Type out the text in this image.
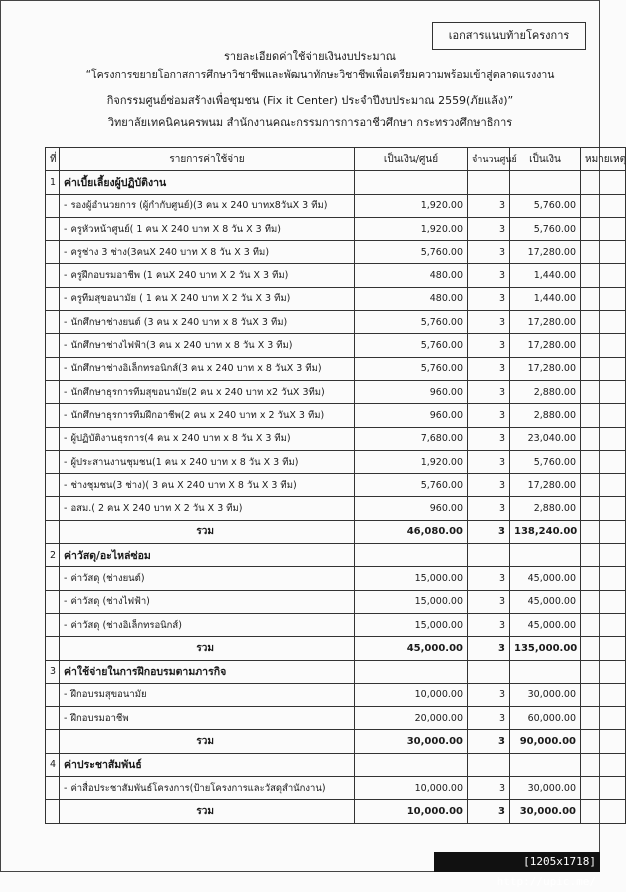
เอกสารแนบท้ายโครงการ
รายละเอียดค่าใช้จ่ายเงินงบประมาณ
“โครงการขยายโอกาสการศึกษาวิชาชีพและพัฒนาทักษะวิชาชีพเพื่อเตรียมความพร้อมเข้าสู่ตลาดแรงงาน
กิจกรรมศูนย์ซ่อมสร้างเพื่อชุมชน (Fix it Center) ประจำปีงบประมาณ 2559(ภัยแล้ง)”
วิทยาลัยเทคนิคนครพนม สำนักงานคณะกรรมการการอาชีวศึกษา กระทรวงศึกษาธิการ
ที่	รายการค่าใช้จ่าย	เป็นเงิน/ศูนย์	จำนวนศูนย์	เป็นเงิน	หมายเหตุ
1	ค่าเบี้ยเลี้ยงผู้ปฏิบัติงาน				
	- รองผู้อำนวยการ (ผู้กำกับศูนย์)(3 คน x 240 บาทx8วันX 3 ทีม)	1,920.00	3	5,760.00	
	- ครูหัวหน้าศูนย์( 1 คน X 240 บาท X 8 วัน X 3 ทีม)	1,920.00	3	5,760.00	
	- ครูช่าง 3 ช่าง(3คนX 240 บาท X 8 วัน X 3 ทีม)	5,760.00	3	17,280.00	
	- ครูฝึกอบรมอาชีพ (1 คนX 240 บาท X 2 วัน X 3 ทีม)	480.00	3	1,440.00	
	- ครูทีมสุขอนามัย ( 1 คน X 240 บาท X 2 วัน X 3 ทีม)	480.00	3	1,440.00	
	- นักศึกษาช่างยนต์ (3 คน x 240 บาท x 8 วันX 3 ทีม)	5,760.00	3	17,280.00	
	- นักศึกษาช่างไฟฟ้า(3 คน x 240 บาท x 8 วัน X 3 ทีม)	5,760.00	3	17,280.00	
	- นักศึกษาช่างอิเล็กทรอนิกส์(3 คน x 240 บาท x 8 วันX 3 ทีม)	5,760.00	3	17,280.00	
	- นักศึกษาธุรการทีมสุขอนามัย(2 คน x 240 บาท x2 วันX 3ทีม)	960.00	3	2,880.00	
	- นักศึกษาธุรการทีมฝึกอาชีพ(2 คน x 240 บาท x 2 วันX 3 ทีม)	960.00	3	2,880.00	
	- ผู้ปฏิบัติงานธุรการ(4 คน x 240 บาท x 8 วัน X 3 ทีม)	7,680.00	3	23,040.00	
	- ผู้ประสานงานชุมชน(1 คน x 240 บาท x 8 วัน X 3 ทีม)	1,920.00	3	5,760.00	
	- ช่างชุมชน(3 ช่าง)( 3 คน X 240 บาท X 8 วัน X 3 ทีม)	5,760.00	3	17,280.00	
	- อสม.( 2 คน X 240 บาท X 2 วัน X 3 ทีม)	960.00	3	2,880.00	
	รวม	46,080.00	3	138,240.00	
2	ค่าวัสดุ/อะไหล่ซ่อม				
	- ค่าวัสดุ (ช่างยนต์)	15,000.00	3	45,000.00	
	- ค่าวัสดุ (ช่างไฟฟ้า)	15,000.00	3	45,000.00	
	- ค่าวัสดุ (ช่างอิเล็กทรอนิกส์)	15,000.00	3	45,000.00	
	รวม	45,000.00	3	135,000.00	
3	ค่าใช้จ่ายในการฝึกอบรมตามภารกิจ				
	- ฝึกอบรมสุขอนามัย	10,000.00	3	30,000.00	
	- ฝึกอบรมอาชีพ	20,000.00	3	60,000.00	
	รวม	30,000.00	3	90,000.00	
4	ค่าประชาสัมพันธ์				
	- ค่าสื่อประชาสัมพันธ์โครงการ(ป้ายโครงการและวัสดุสำนักงาน)	10,000.00	3	30,000.00	
	รวม	10,000.00	3	30,000.00	
[1205x1718] http://upic.me/
